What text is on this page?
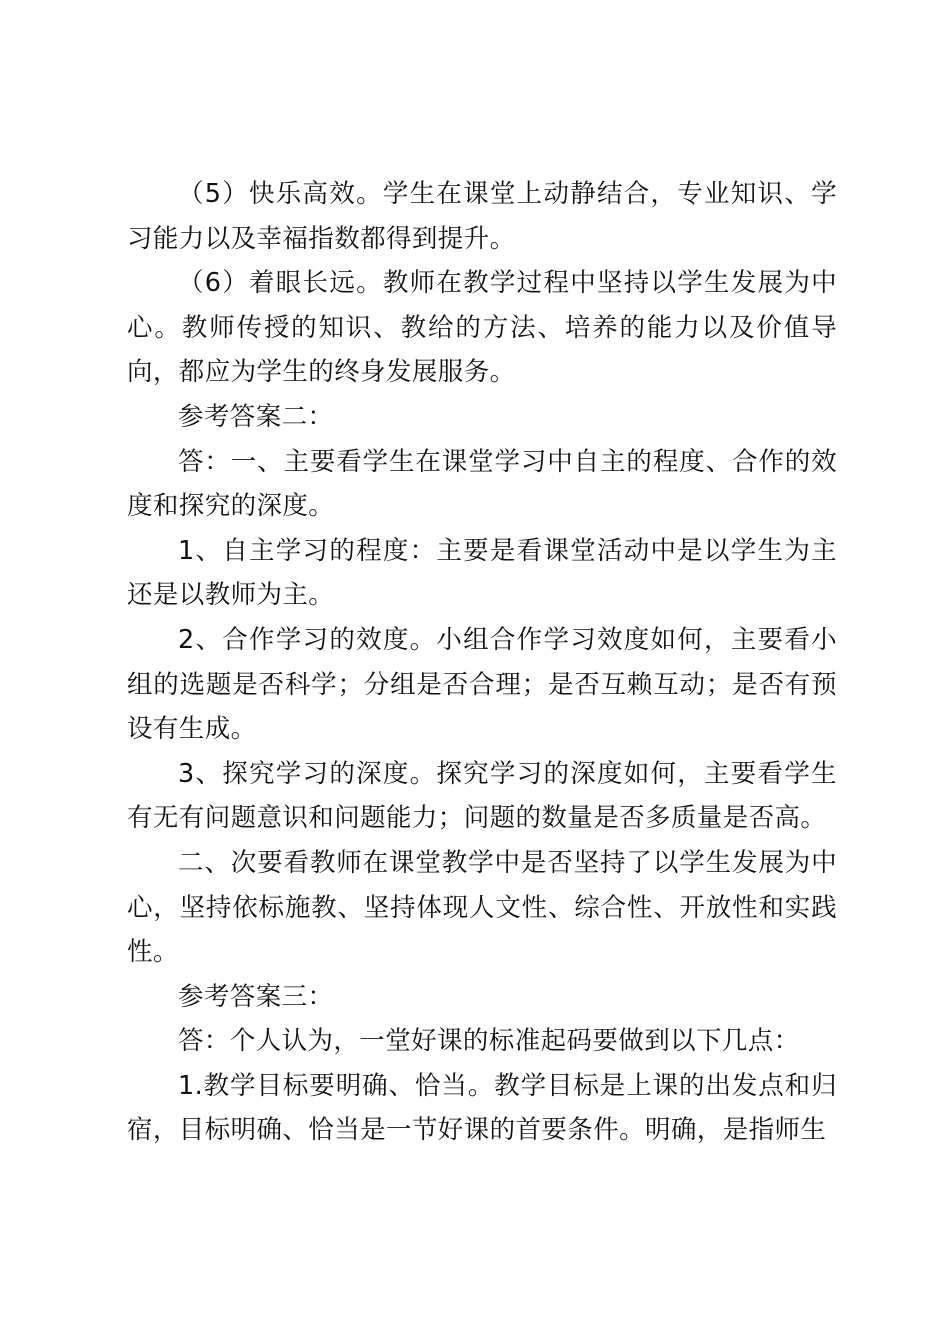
（5）快乐高效。学生在课堂上动静结合，专业知识、学习能力以及幸福指数都得到提升。

（6）着眼长远。教师在教学过程中坚持以学生发展为中心。教师传授的知识、教给的方法、培养的能力以及价值导向，都应为学生的终身发展服务。

参考答案二：

答：一、主要看学生在课堂学习中自主的程度、合作的效度和探究的深度。

1、自主学习的程度：主要是看课堂活动中是以学生为主还是以教师为主。

2、合作学习的效度。小组合作学习效度如何，主要看小组的选题是否科学；分组是否合理；是否互赖互动；是否有预设有生成。

3、探究学习的深度。探究学习的深度如何，主要看学生有无有问题意识和问题能力；问题的数量是否多质量是否高。

二、次要看教师在课堂教学中是否坚持了以学生发展为中心，坚持依标施教、坚持体现人文性、综合性、开放性和实践性。

参考答案三：

答：个人认为，一堂好课的标准起码要做到以下几点：

1.教学目标要明确、恰当。教学目标是上课的出发点和归宿，目标明确、恰当是一节好课的首要条件。明确，是指师生
